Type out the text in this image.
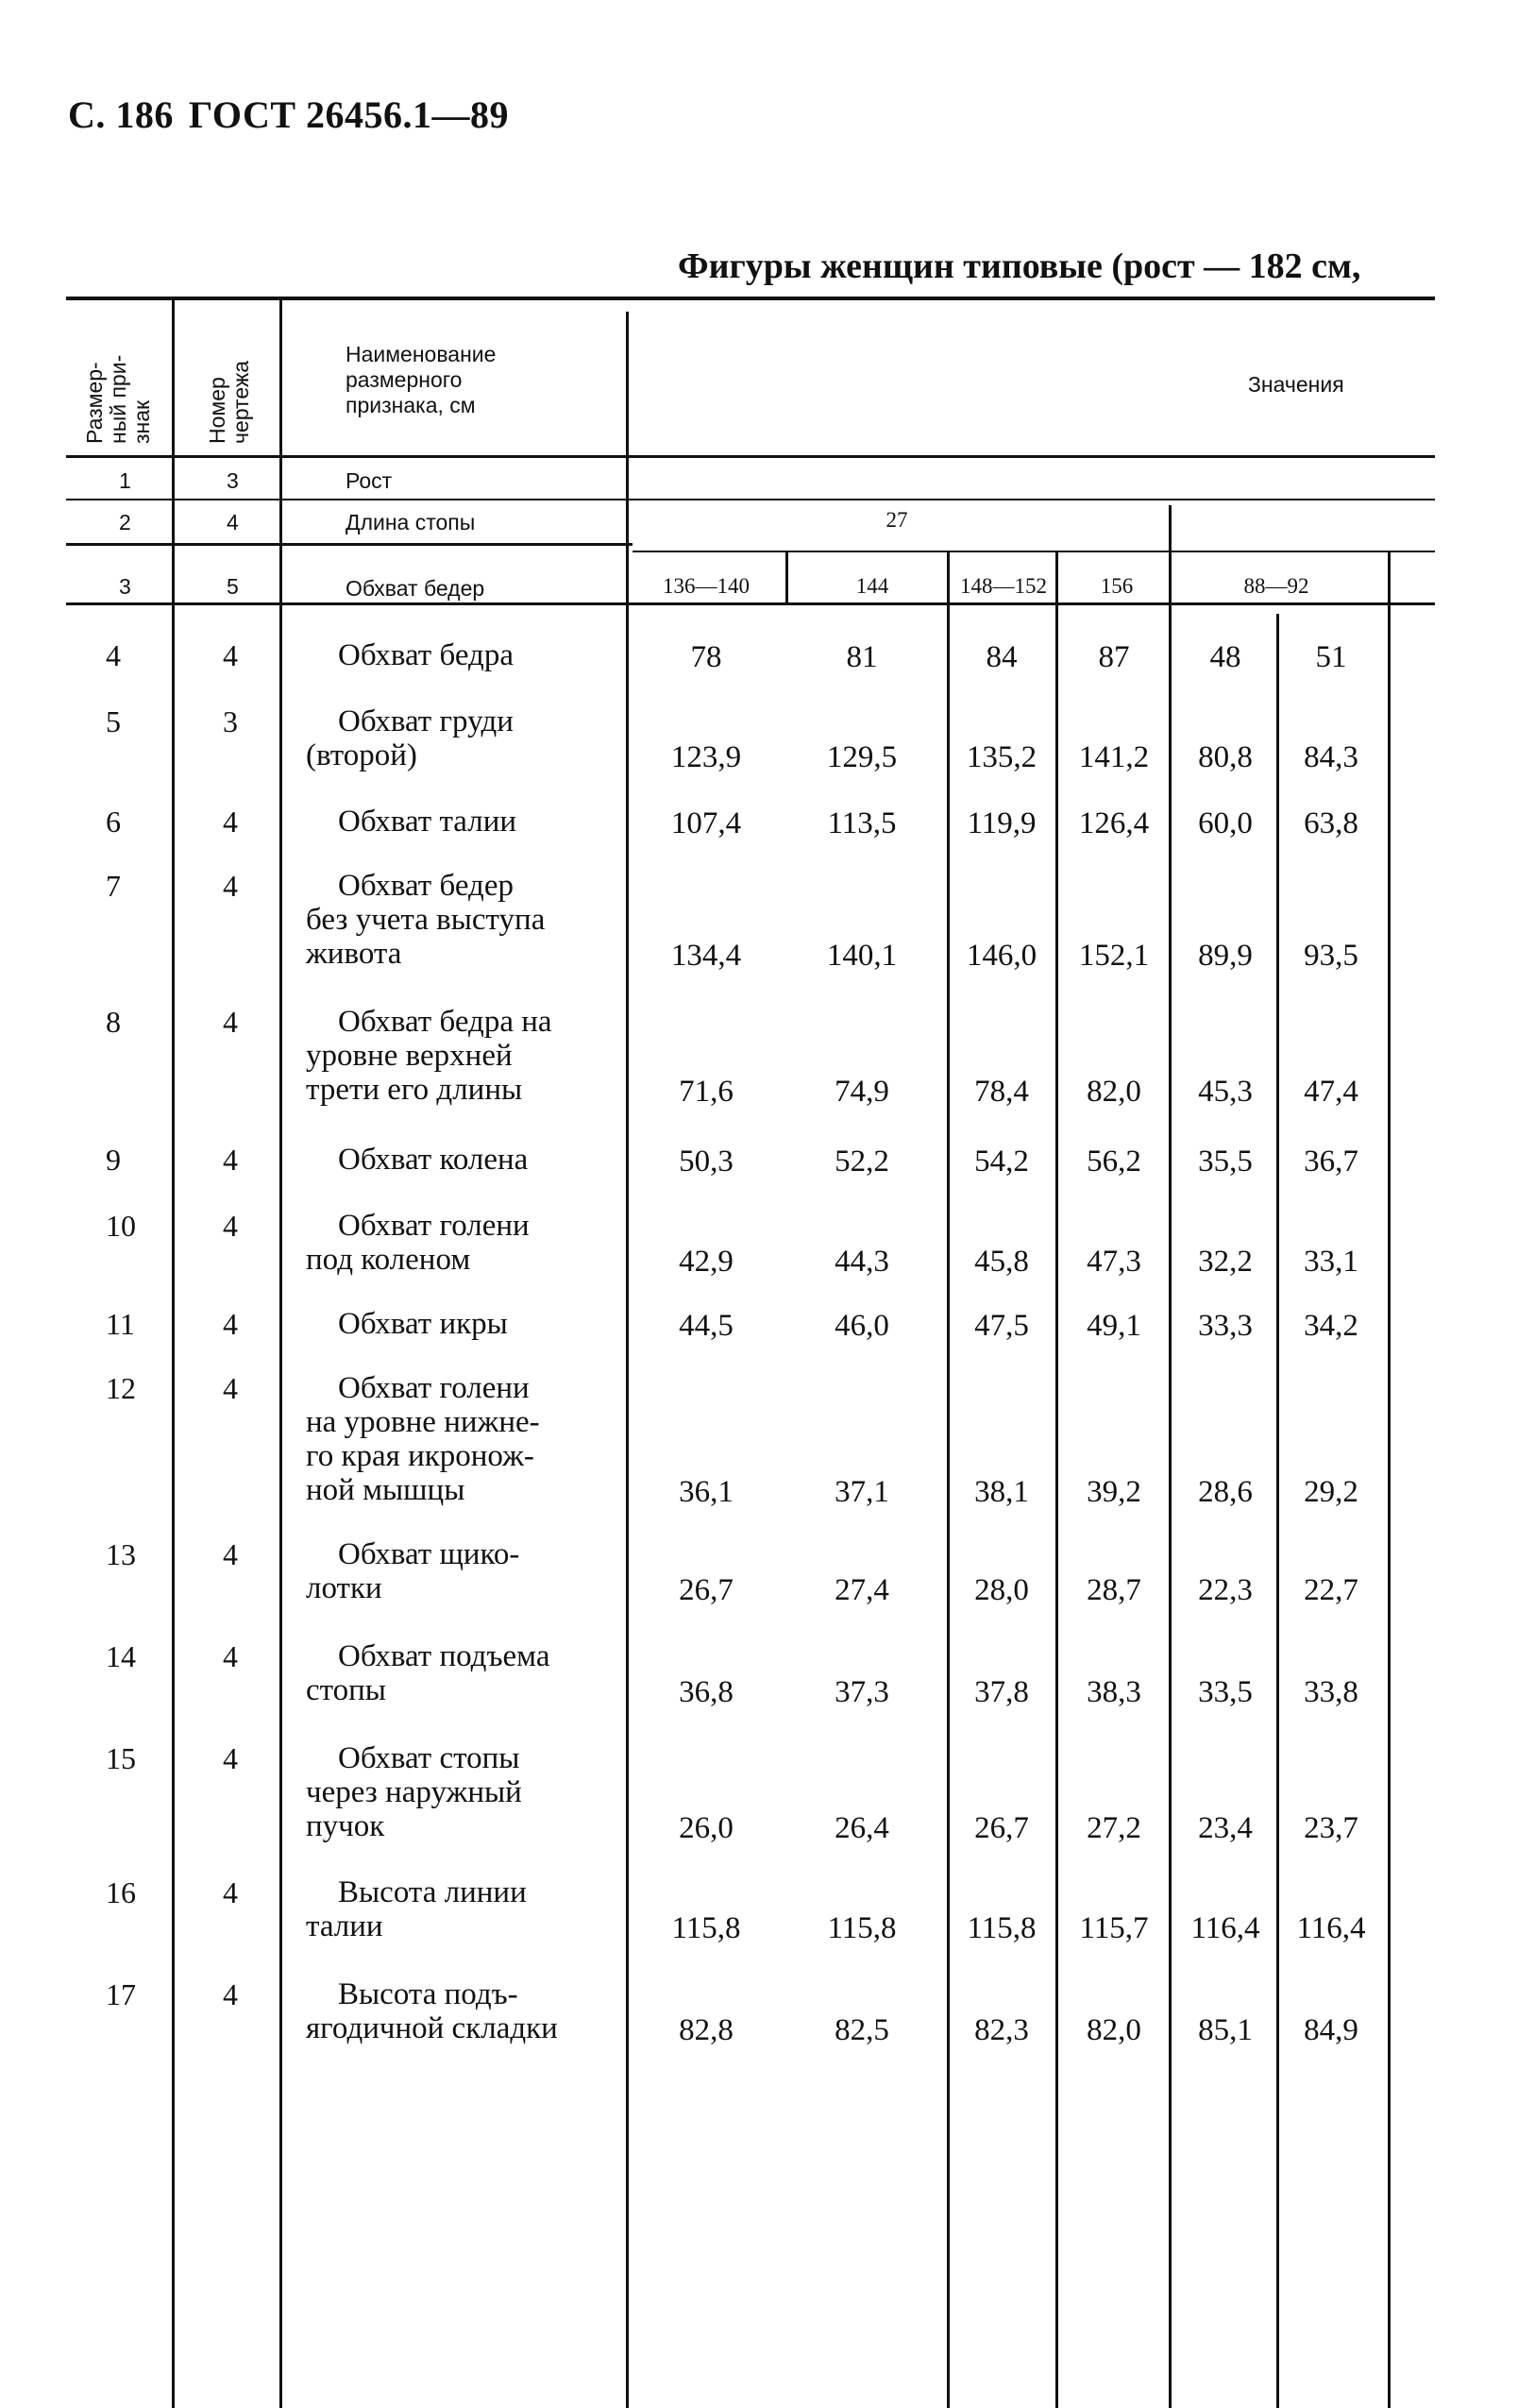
С. 186 ГОСТ 26456.1—89
Фигуры женщин типовые (рост — 182 см,
Размер- ный при- знак Номер чертежа
Наименование
размерного
признака, см
Значения
1	3	Рост
2	4	Длина стопы	27
3	5	Обхват бедер	136—140	144	148—152	156	88—92
4	4	Обхват бедра	78	81	84	87	48	51
5	3	Обхват груди
(второй)	123,9	129,5	135,2	141,2	80,8	84,3
6	4	Обхват талии	107,4	113,5	119,9	126,4	60,0	63,8
7	4	Обхват бедер
без учета выступа
живота	134,4	140,1	146,0	152,1	89,9	93,5
8	4	Обхват бедра на
уровне верхней
трети его длины	71,6	74,9	78,4	82,0	45,3	47,4
9	4	Обхват колена	50,3	52,2	54,2	56,2	35,5	36,7
10	4	Обхват голени
под коленом	42,9	44,3	45,8	47,3	32,2	33,1
11	4	Обхват икры	44,5	46,0	47,5	49,1	33,3	34,2
12	4	Обхват голени
на уровне нижне-
го края икронож-
ной мышцы	36,1	37,1	38,1	39,2	28,6	29,2
13	4	Обхват щико-
лотки	26,7	27,4	28,0	28,7	22,3	22,7
14	4	Обхват подъема
стопы	36,8	37,3	37,8	38,3	33,5	33,8
15	4	Обхват стопы
через наружный
пучок	26,0	26,4	26,7	27,2	23,4	23,7
16	4	Высота линии
талии	115,8	115,8	115,8	115,7	116,4	116,4
17	4	Высота подъ-
ягодичной складки	82,8	82,5	82,3	82,0	85,1	84,9
